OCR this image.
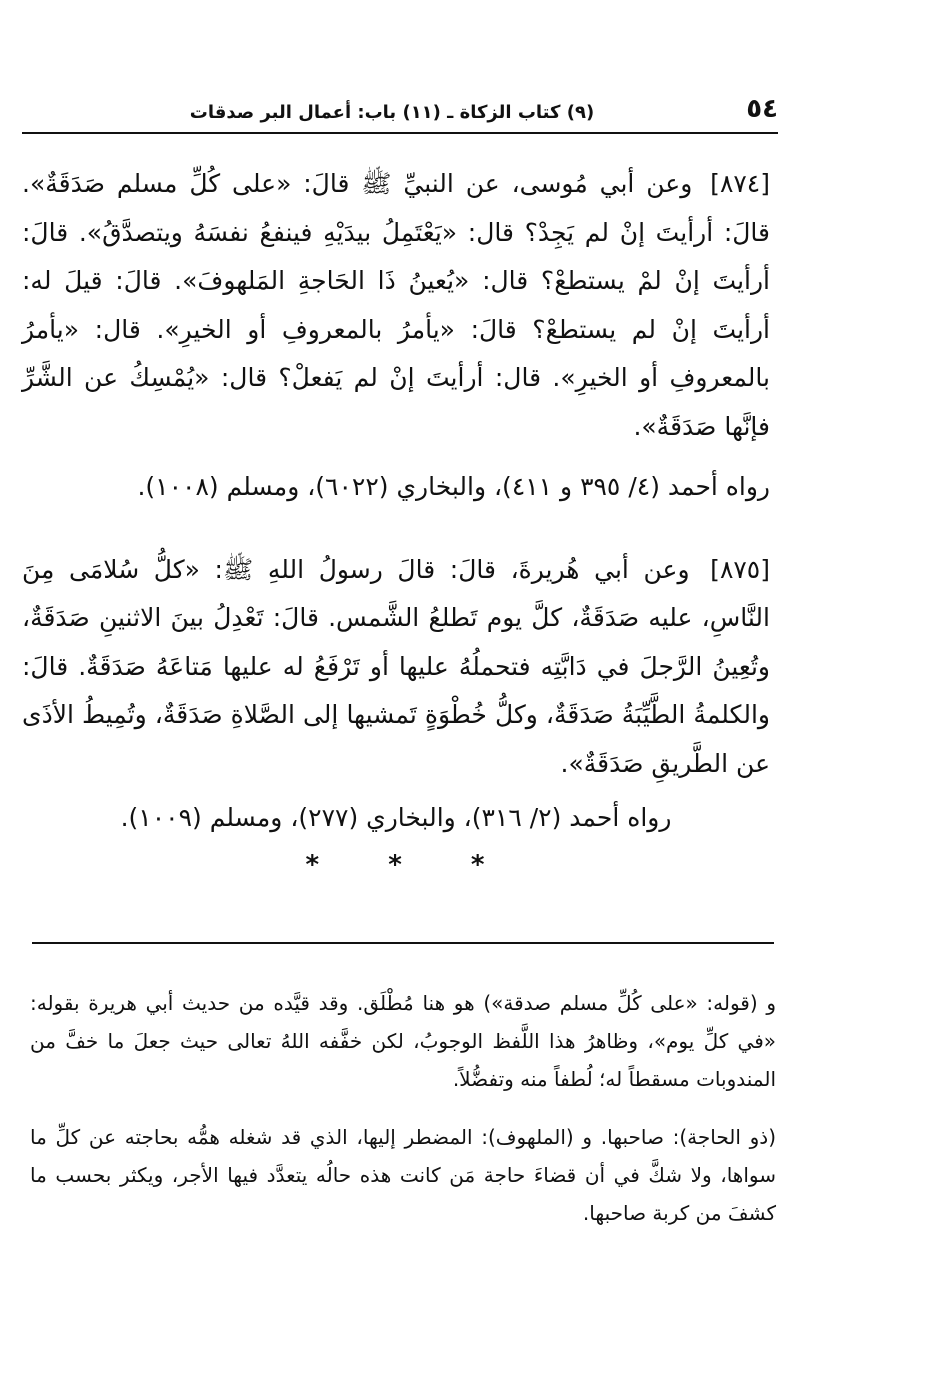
٥٤
(٩) كتاب الزكاة ـ (١١) باب: أعمال البر صدقات

[٨٧٤] وعن أبي مُوسى، عن النبيِّ ﷺ قالَ: «على كُلِّ مسلم صَدَقَةٌ». قالَ: أرأيتَ إنْ لم يَجِدْ؟ قال: «يَعْتَمِلُ بيدَيْهِ فينفعُ نفسَهُ ويتصدَّقُ». قالَ: أرأيتَ إنْ لمْ يستطعْ؟ قال: «يُعينُ ذَا الحَاجةِ المَلهوفَ». قالَ: قيلَ له: أرأيتَ إنْ لم يستطعْ؟ قالَ: «يأمرُ بالمعروفِ أو الخيرِ». قال: «يأمرُ بالمعروفِ أو الخيرِ». قال: أرأيتَ إنْ لم يَفعلْ؟ قال: «يُمْسِكُ عن الشَّرِّ فإنَّها صَدَقَةٌ».

رواه أحمد (٤/ ٣٩٥ و ٤١١)، والبخاري (٦٠٢٢)، ومسلم (١٠٠٨).

[٨٧٥] وعن أبي هُريرةَ، قالَ: قالَ رسولُ اللهِ ﷺ: «كلُّ سُلامَى مِنَ النَّاسِ، عليه صَدَقَةٌ، كلَّ يوم تَطلعُ الشَّمس. قالَ: تَعْدِلُ بينَ الاثنينِ صَدَقَةٌ، وتُعِينُ الرَّجلَ في دَابَّتِه فتحملُهُ عليها أو تَرْفَعُ له عليها مَتاعَهُ صَدَقَةٌ. قالَ: والكلمةُ الطَّيِّبَةُ صَدَقَةٌ، وكلُّ خُطْوَةٍ تَمشيها إلى الصَّلاةِ صَدَقَةٌ، وتُمِيطُ الأذَى عن الطَّريقِ صَدَقَةٌ».

رواه أحمد (٢/ ٣١٦)، والبخاري (٢٧٧)، ومسلم (١٠٠٩).

* * *

و (قوله: «على كُلِّ مسلم صدقة») هو هنا مُطْلَق. وقد قيَّده من حديث أبي هريرة بقوله: «في كلِّ يوم»، وظاهرُ هذا اللَّفظ الوجوبُ، لكن خفَّفه اللهُ تعالى حيث جعلَ ما خفَّ من المندوبات مسقطاً له؛ لُطفاً منه وتفضُّلاً.

(ذو الحاجة): صاحبها. و (الملهوف): المضطر إليها، الذي قد شغله همُّه بحاجته عن كلِّ ما سواها، ولا شكَّ في أن قضاءَ حاجة مَن كانت هذه حالُه يتعدَّد فيها الأجر، ويكثر بحسب ما كشفَ من كربة صاحبها.
